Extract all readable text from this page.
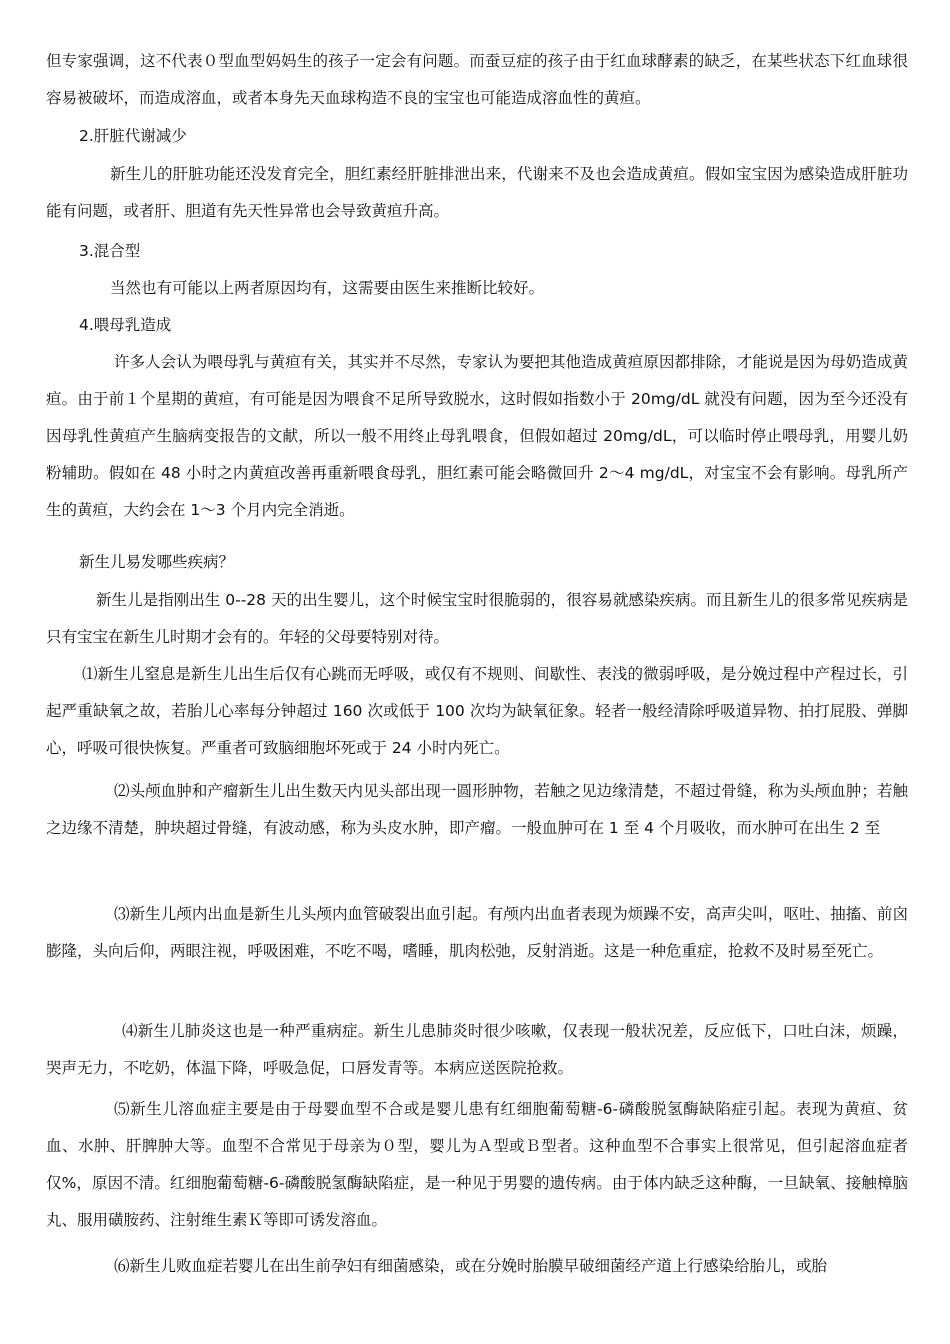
但专家强调，这不代表０型血型妈妈生的孩子一定会有问题。而蚕豆症的孩子由于红血球酵素的缺乏，在某些状态下红血球很容易被破坏，而造成溶血，或者本身先天血球构造不良的宝宝也可能造成溶血性的黄疸。

2.肝脏代谢减少

新生儿的肝脏功能还没发育完全，胆红素经肝脏排泄出来，代谢来不及也会造成黄疸。假如宝宝因为感染造成肝脏功能有问题，或者肝、胆道有先天性异常也会导致黄疸升高。

3.混合型

当然也有可能以上两者原因均有，这需要由医生来推断比较好。

4.喂母乳造成

许多人会认为喂母乳与黄疸有关，其实并不尽然，专家认为要把其他造成黄疸原因都排除，才能说是因为母奶造成黄疸。由于前１个星期的黄疸，有可能是因为喂食不足所导致脱水，这时假如指数小于 20mg/dL 就没有问题，因为至今还没有因母乳性黄疸产生脑病变报告的文献，所以一般不用终止母乳喂食，但假如超过 20mg/dL，可以临时停止喂母乳，用婴儿奶粉辅助。假如在 48 小时之内黄疸改善再重新喂食母乳，胆红素可能会略微回升 2～4 mg/dL，对宝宝不会有影响。母乳所产生的黄疸，大约会在 1～3 个月内完全消逝。

新生儿易发哪些疾病？

新生儿是指刚出生 0--28 天的出生婴儿，这个时候宝宝时很脆弱的，很容易就感染疾病。而且新生儿的很多常见疾病是只有宝宝在新生儿时期才会有的。年轻的父母要特别对待。

⑴新生儿窒息是新生儿出生后仅有心跳而无呼吸，或仅有不规则、间歇性、表浅的微弱呼吸，是分娩过程中产程过长，引起严重缺氧之故，若胎儿心率每分钟超过 160 次或低于 100 次均为缺氧征象。轻者一般经清除呼吸道异物、拍打屁股、弹脚心，呼吸可很快恢复。严重者可致脑细胞坏死或于 24 小时内死亡。

⑵头颅血肿和产瘤新生儿出生数天内见头部出现一圆形肿物，若触之见边缘清楚，不超过骨缝，称为头颅血肿；若触之边缘不清楚，肿块超过骨缝，有波动感，称为头皮水肿，即产瘤。一般血肿可在 1 至 4 个月吸收，而水肿可在出生 2 至

⑶新生儿颅内出血是新生儿头颅内血管破裂出血引起。有颅内出血者表现为烦躁不安，高声尖叫，呕吐、抽搐、前囟膨隆，头向后仰，两眼注视，呼吸困难，不吃不喝，嗜睡，肌肉松弛，反射消逝。这是一种危重症，抢救不及时易至死亡。

⑷新生儿肺炎这也是一种严重病症。新生儿患肺炎时很少咳嗽，仅表现一般状况差，反应低下，口吐白沫，烦躁，哭声无力，不吃奶，体温下降，呼吸急促，口唇发青等。本病应送医院抢救。

⑸新生儿溶血症主要是由于母婴血型不合或是婴儿患有红细胞葡萄糖-6-磷酸脱氢酶缺陷症引起。表现为黄疸、贫血、水肿、肝脾肿大等。血型不合常见于母亲为０型，婴儿为Ａ型或Ｂ型者。这种血型不合事实上很常见，但引起溶血症者仅%，原因不清。红细胞葡萄糖-6-磷酸脱氢酶缺陷症，是一种见于男婴的遗传病。由于体内缺乏这种酶，一旦缺氧、接触樟脑丸、服用磺胺药、注射维生素Ｋ等即可诱发溶血。

⑹新生儿败血症若婴儿在出生前孕妇有细菌感染，或在分娩时胎膜早破细菌经产道上行感染给胎儿，或胎
